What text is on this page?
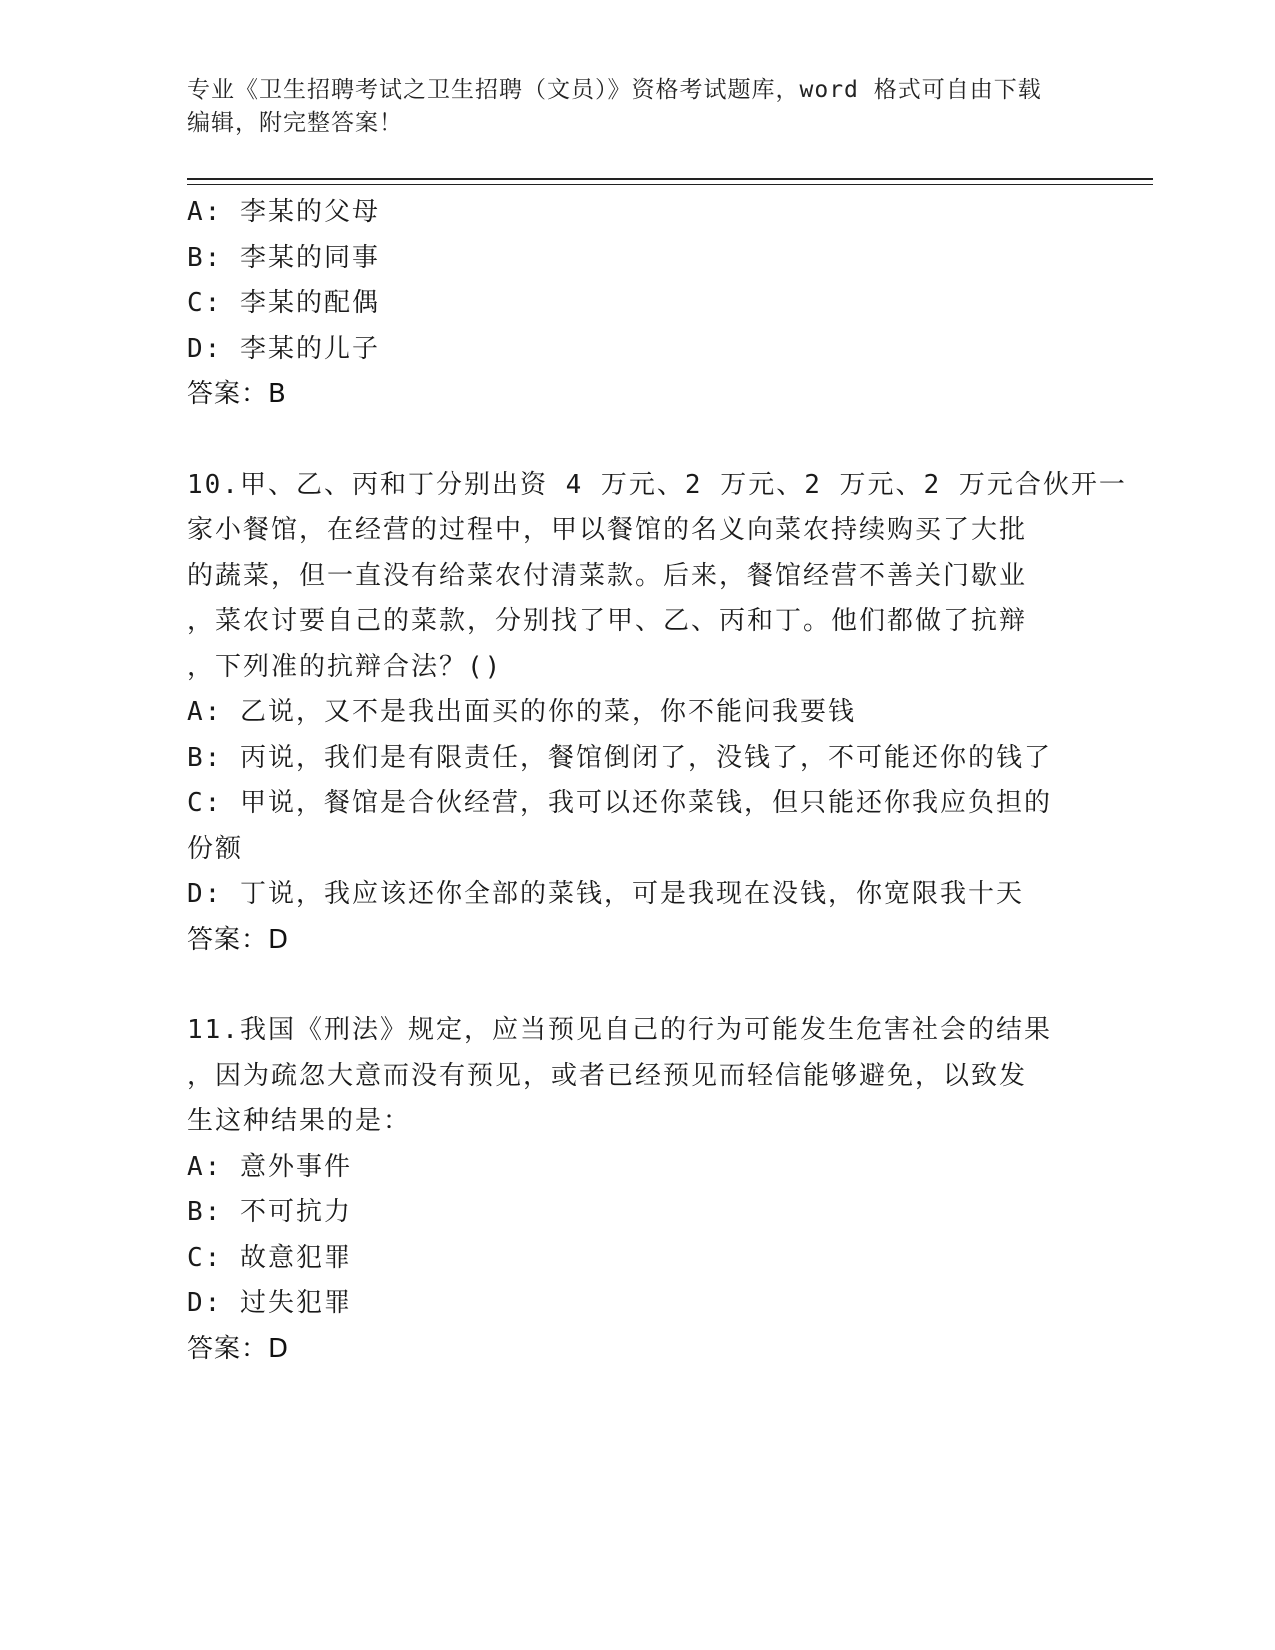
专业《卫生招聘考试之卫生招聘（文员）》资格考试题库，word 格式可自由下载
编辑，附完整答案！
A: 李某的父母
B: 李某的同事
C: 李某的配偶
D: 李某的儿子
答案：B
10.甲、乙、丙和丁分别出资 4 万元、2 万元、2 万元、2 万元合伙开一
家小餐馆，在经营的过程中，甲以餐馆的名义向菜农持续购买了大批
的蔬菜，但一直没有给菜农付清菜款。后来，餐馆经营不善关门歇业
，菜农讨要自己的菜款，分别找了甲、乙、丙和丁。他们都做了抗辩
，下列准的抗辩合法？()
A: 乙说，又不是我出面买的你的菜，你不能问我要钱
B: 丙说，我们是有限责任，餐馆倒闭了，没钱了，不可能还你的钱了
C: 甲说，餐馆是合伙经营，我可以还你菜钱，但只能还你我应负担的
份额
D: 丁说，我应该还你全部的菜钱，可是我现在没钱，你宽限我十天
答案：D
11.我国《刑法》规定，应当预见自己的行为可能发生危害社会的结果
，因为疏忽大意而没有预见，或者已经预见而轻信能够避免，以致发
生这种结果的是：
A: 意外事件
B: 不可抗力
C: 故意犯罪
D: 过失犯罪
答案：D
